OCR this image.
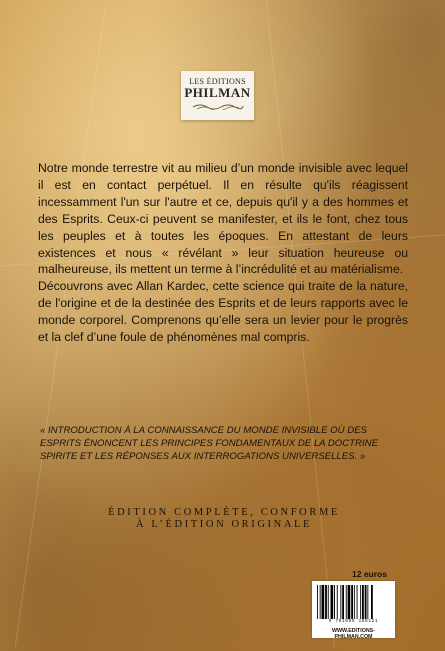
LES ÉDITIONS
PHILMAN

Notre monde terrestre vit au milieu d’un monde invisible avec lequel il est en contact perpétuel. Il en résulte qu'ils réagissent incessamment l'un sur l'autre et ce, depuis qu'il y a des hommes et des Esprits. Ceux-ci peuvent se manifester, et ils le font, chez tous les peuples et à toutes les époques. En attestant de leurs existences et nous « révélant » leur situation heureuse ou malheureuse, ils mettent un terme à l’incrédulité et au matérialisme.

Découvrons avec Allan Kardec, cette science qui traite de la nature, de l'origine et de la destinée des Esprits et de leurs rapports avec le monde corporel. Comprenons qu’elle sera un levier pour le progrès et la clef d’une foule de phénomènes mal compris.

« INTRODUCTION À LA CONNAISSANCE DU MONDE INVISIBLE OÙ DES ESPRITS ÉNONCENT LES PRINCIPES FONDAMENTAUX DE LA DOCTRINE SPIRITE ET LES RÉPONSES AUX INTERROGATIONS UNIVERSELLES. »

ÉDITION COMPLÈTE, CONFORME
À L’ÉDITION ORIGINALE
12 euros
9 791096 186121
WWW.EDITIONS-PHILMAN.COM
